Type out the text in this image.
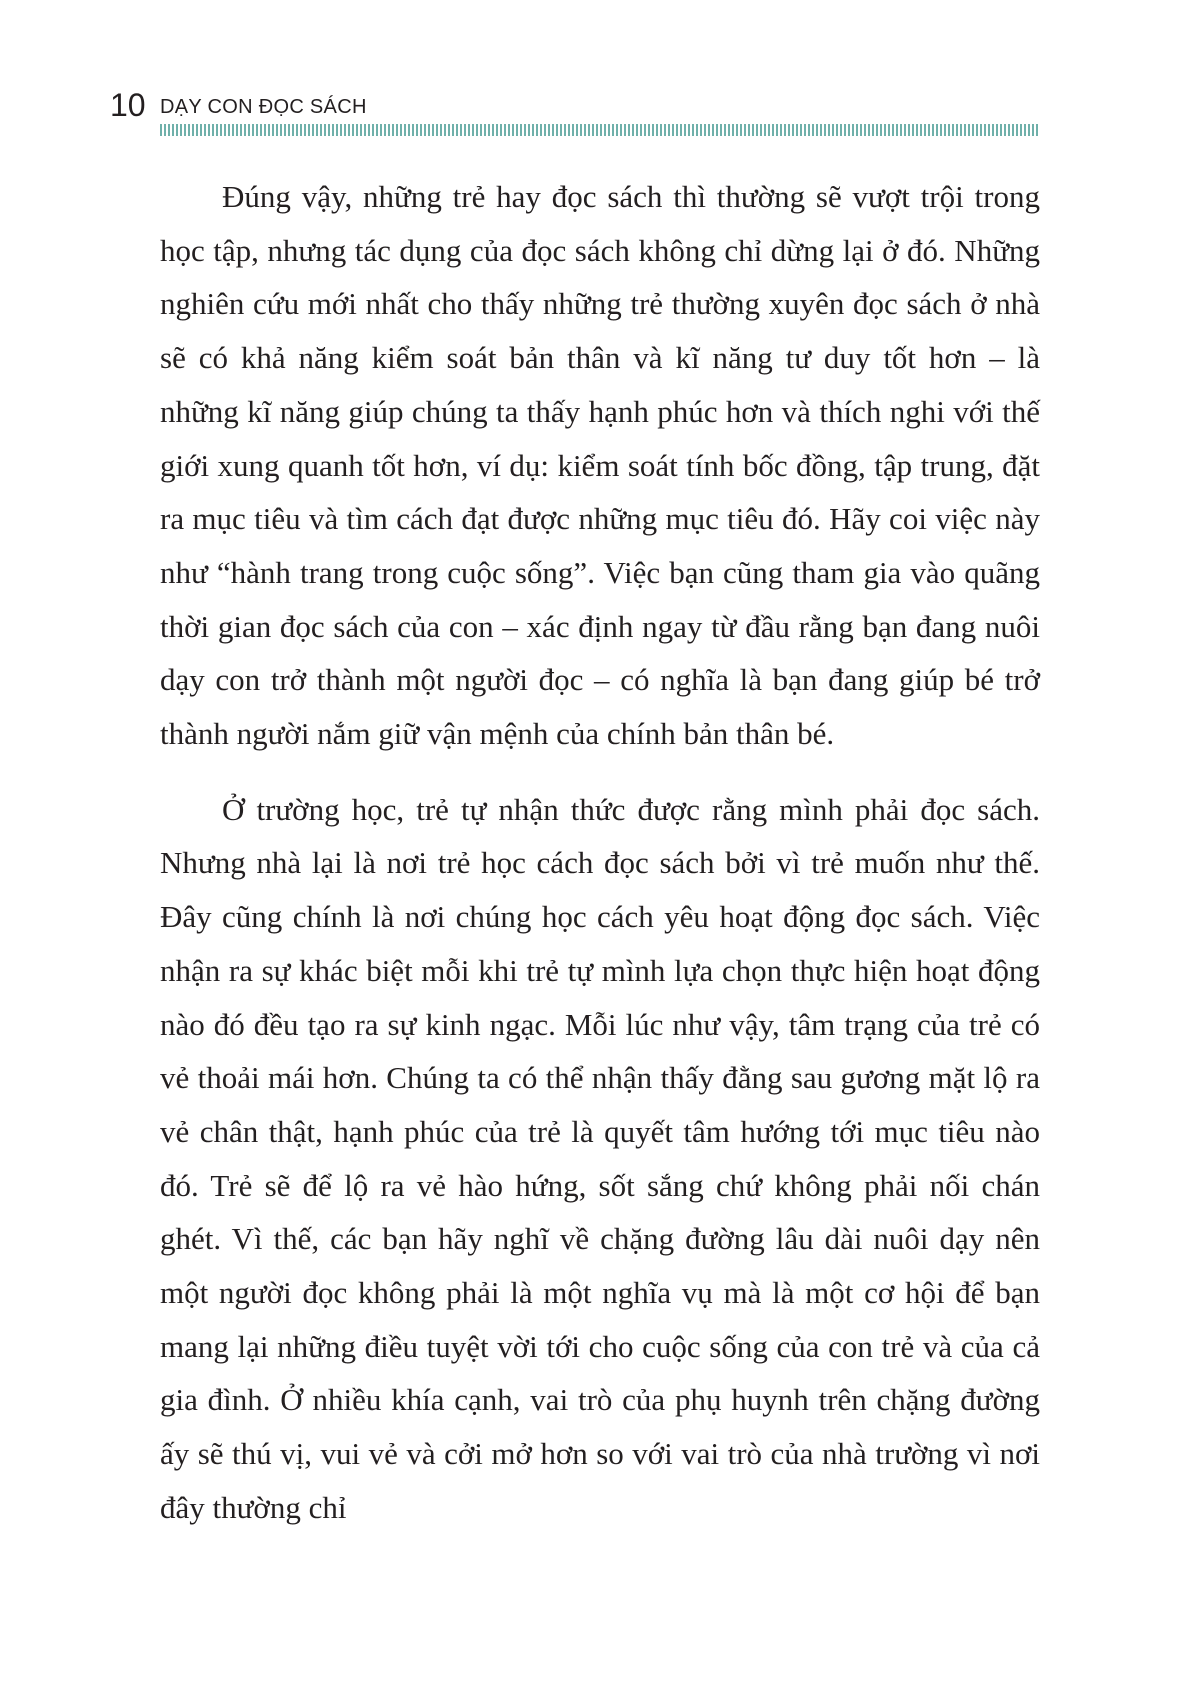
10 DẠY CON ĐỌC SÁCH

Đúng vậy, những trẻ hay đọc sách thì thường sẽ vượt trội trong học tập, nhưng tác dụng của đọc sách không chỉ dừng lại ở đó. Những nghiên cứu mới nhất cho thấy những trẻ thường xuyên đọc sách ở nhà sẽ có khả năng kiểm soát bản thân và kĩ năng tư duy tốt hơn – là những kĩ năng giúp chúng ta thấy hạnh phúc hơn và thích nghi với thế giới xung quanh tốt hơn, ví dụ: kiểm soát tính bốc đồng, tập trung, đặt ra mục tiêu và tìm cách đạt được những mục tiêu đó. Hãy coi việc này như “hành trang trong cuộc sống”. Việc bạn cũng tham gia vào quãng thời gian đọc sách của con – xác định ngay từ đầu rằng bạn đang nuôi dạy con trở thành một người đọc – có nghĩa là bạn đang giúp bé trở thành người nắm giữ vận mệnh của chính bản thân bé.

Ở trường học, trẻ tự nhận thức được rằng mình phải đọc sách. Nhưng nhà lại là nơi trẻ học cách đọc sách bởi vì trẻ muốn như thế. Đây cũng chính là nơi chúng học cách yêu hoạt động đọc sách. Việc nhận ra sự khác biệt mỗi khi trẻ tự mình lựa chọn thực hiện hoạt động nào đó đều tạo ra sự kinh ngạc. Mỗi lúc như vậy, tâm trạng của trẻ có vẻ thoải mái hơn. Chúng ta có thể nhận thấy đằng sau gương mặt lộ ra vẻ chân thật, hạnh phúc của trẻ là quyết tâm hướng tới mục tiêu nào đó. Trẻ sẽ để lộ ra vẻ hào hứng, sốt sắng chứ không phải nối chán ghét. Vì thế, các bạn hãy nghĩ về chặng đường lâu dài nuôi dạy nên một người đọc không phải là một nghĩa vụ mà là một cơ hội để bạn mang lại những điều tuyệt vời tới cho cuộc sống của con trẻ và của cả gia đình. Ở nhiều khía cạnh, vai trò của phụ huynh trên chặng đường ấy sẽ thú vị, vui vẻ và cởi mở hơn so với vai trò của nhà trường vì nơi đây thường chỉ
